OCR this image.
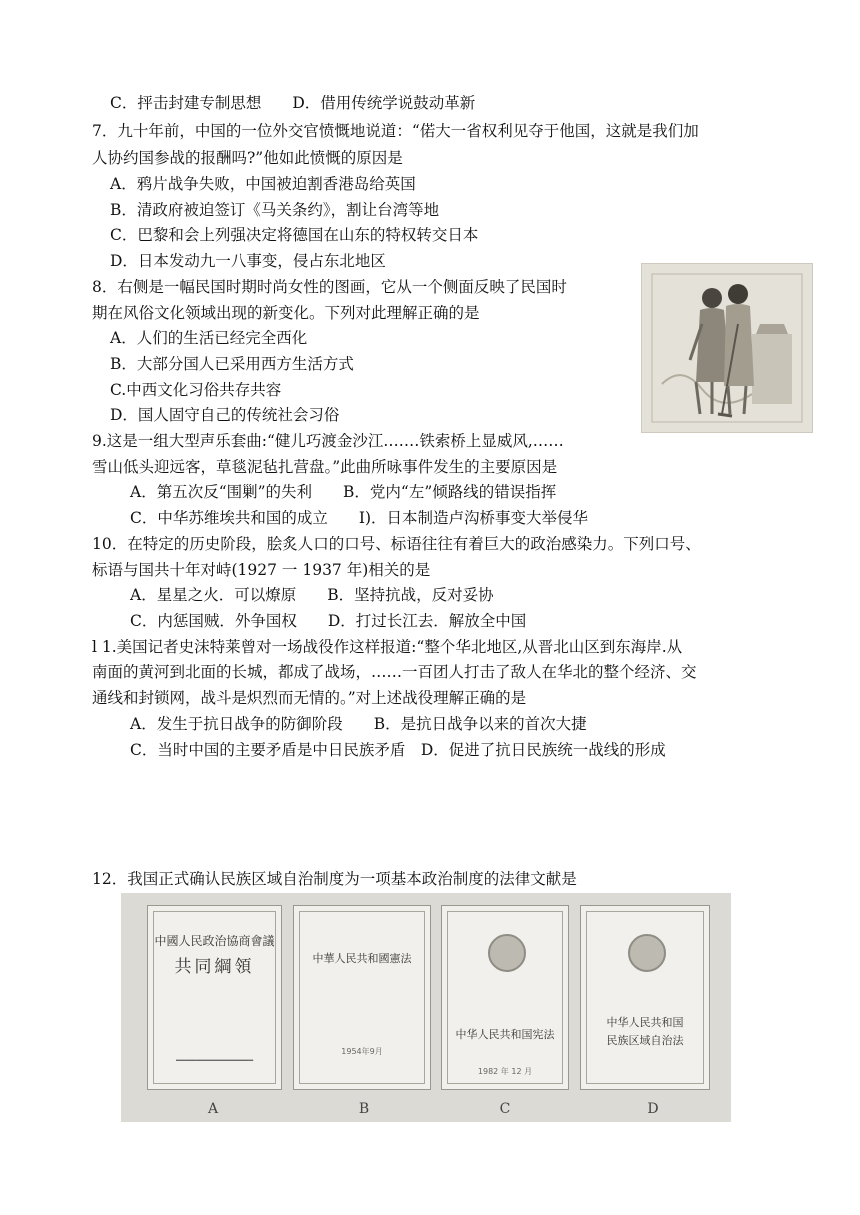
C．抨击封建专制思想　　D．借用传统学说鼓动革新
7．九十年前，中国的一位外交官愤慨地说道：“偌大一省权利见夺于他国，这就是我们加
人协约国参战的报酬吗?”他如此愤慨的原因是
A．鸦片战争失败，中国被迫割香港岛给英国
B．清政府被迫签订《马关条约》，割让台湾等地
C．巴黎和会上列强决定将德国在山东的特权转交日本
D．日本发动九一八事变，侵占东北地区
8．右侧是一幅民国时期时尚女性的图画，它从一个侧面反映了民国时
期在风俗文化领域出现的新变化。下列对此理解正确的是
A．人们的生活已经完全西化
B．大部分国人已采用西方生活方式
C.中西文化习俗共存共容
D．国人固守自己的传统社会习俗
9.这是一组大型声乐套曲:“健儿巧渡金沙江.……铁索桥上显威风,……
雪山低头迎远客，草毯泥毡扎营盘。”此曲所咏事件发生的主要原因是
A．第五次反“围剿”的失利　　B．党内“左”倾路线的错误指挥
C．中华苏维埃共和国的成立　　I)．日本制造卢沟桥事变大举侵华
10．在特定的历史阶段，脍炙人口的口号、标语往往有着巨大的政治感染力。下列口号、
标语与国共十年对峙(1927 一 1937 年)相关的是
A．星星之火．可以燎原　　B．坚持抗战，反对妥协
C．内惩国贼．外争国权　　D．打过长江去．解放全中国
l 1.美国记者史沫特莱曾对一场战役作这样报道:“整个华北地区,从晋北山区到东海岸.从
南面的黄河到北面的长城，都成了战场，……一百团人打击了敌人在华北的整个经济、交
通线和封锁网，战斗是炽烈而无情的。”对上述战役理解正确的是
A．发生于抗日战争的防御阶段　　B．是抗日战争以来的首次大捷
C．当时中国的主要矛盾是中日民族矛盾　D．促进了抗日民族统一战线的形成
12．我国正式确认民族区域自治制度为一项基本政治制度的法律文献是
中國人民政治協商會議
共同綱領
━━━━━━━━━━━━━━━━
中華人民共和國憲法
1954年9月
中华人民共和国宪法
1982 年 12 月
中华人民共和国
民族区域自治法
A	B	C	D
